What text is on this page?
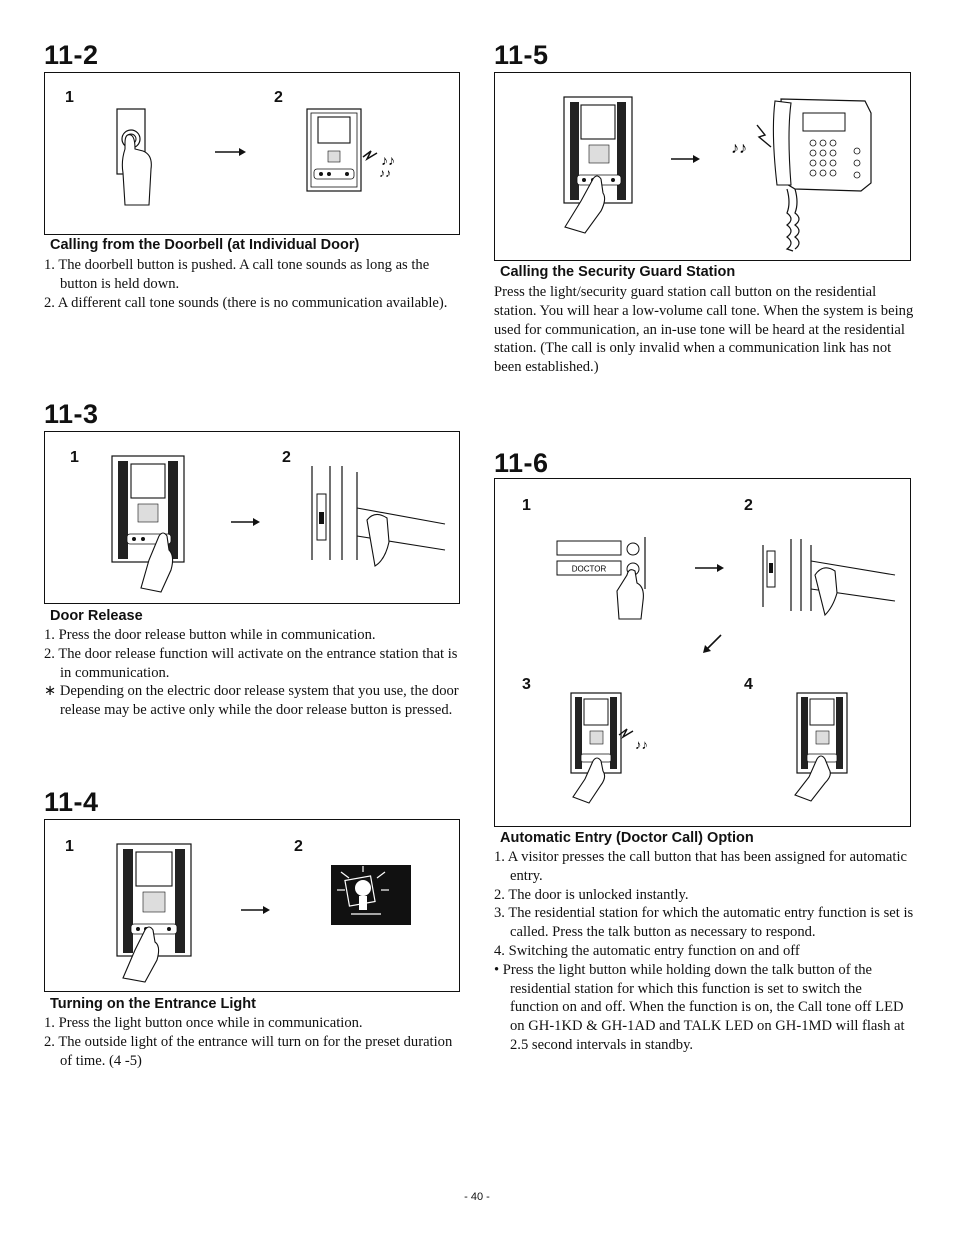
11-2
1	2
♪♪
♪♪
Calling from the Doorbell (at Individual Door)
1. The doorbell button is pushed. A call tone sounds as long as the button is held down.
2. A different call tone sounds (there is no communication available).
11-3
1	2
Door Release
1. Press the door release button while in communication.
2. The door release function will activate on the entrance station that is in communication.
∗ Depending on the electric door release system that you use, the door release may be active only while the door release button is pressed.
11-4
1	2
Turning on the Entrance Light
1. Press the light button once while in communication.
2. The outside light of the entrance will turn on for the preset duration of time. (4 -5)
11-5
♪♪
Calling the Security Guard Station
Press the light/security guard station call button on the residential station. You will hear a low-volume call tone. When the system is being used for communication, an in-use tone will be heard at the residential station. (The call is only invalid when a communication link has not been established.)
11-6
1	2
3	4
DOCTOR
♪♪
Automatic Entry (Doctor Call) Option
1. A visitor presses the call button that has been assigned for automatic entry.
2. The door is unlocked instantly.
3. The residential station for which the automatic entry function is set is called. Press the talk button as necessary to respond.
4. Switching the automatic entry function on and off
• Press the light button while holding down the talk button of the residential station for which this function is set to switch the function on and off. When the function is on, the Call tone off LED on GH-1KD & GH-1AD and TALK LED on GH-1MD will flash at 2.5 second intervals in standby.
- 40 -
